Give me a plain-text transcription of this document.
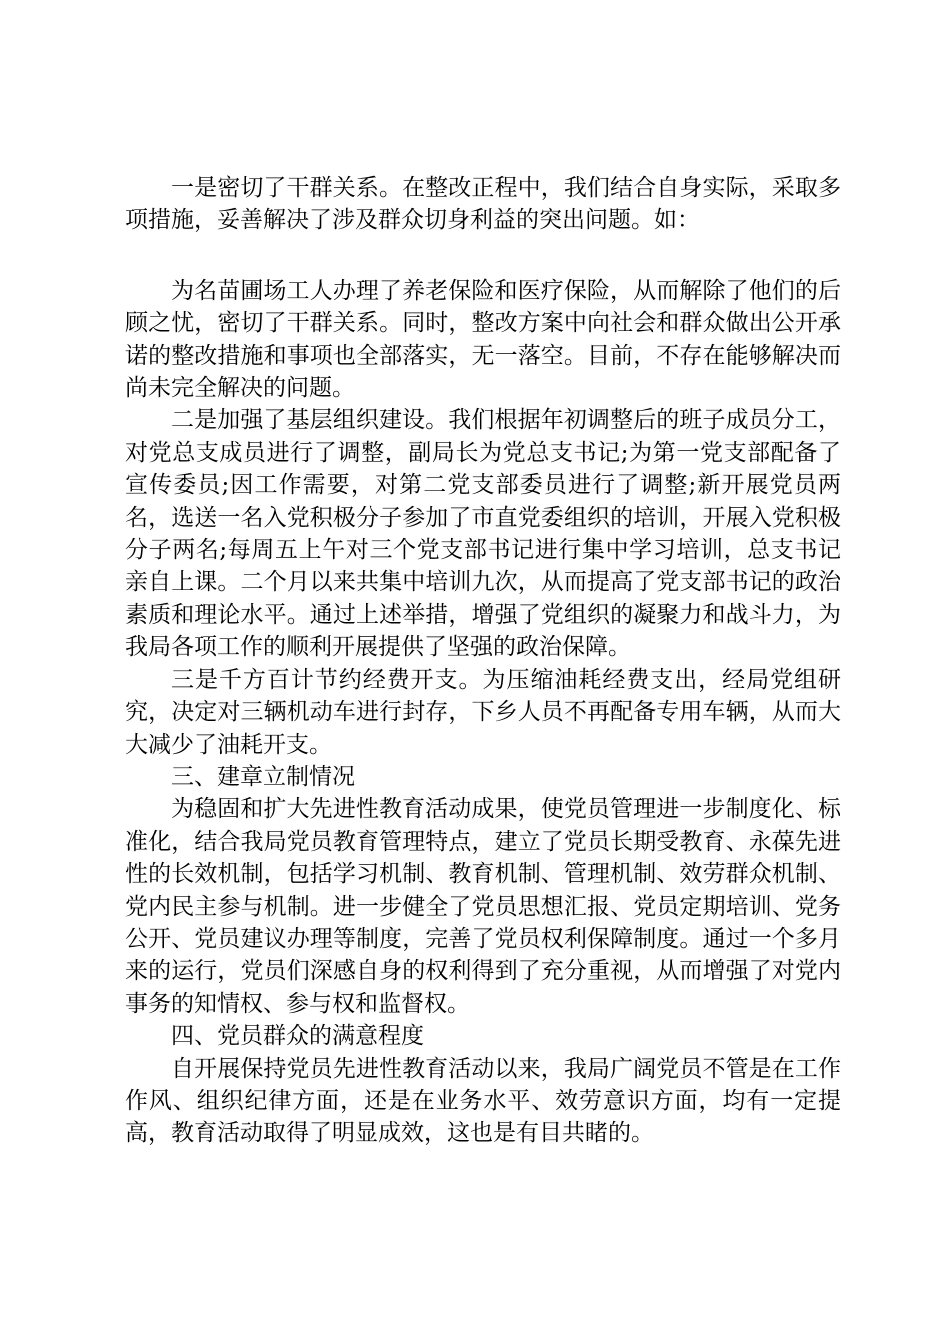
一是密切了干群关系。在整改正程中，我们结合自身实际，采取多项措施，妥善解决了涉及群众切身利益的突出问题。如：

为名苗圃场工人办理了养老保险和医疗保险，从而解除了他们的后顾之忧，密切了干群关系。同时，整改方案中向社会和群众做出公开承诺的整改措施和事项也全部落实，无一落空。目前，不存在能够解决而尚未完全解决的问题。

二是加强了基层组织建设。我们根据年初调整后的班子成员分工，对党总支成员进行了调整，副局长为党总支书记;为第一党支部配备了宣传委员;因工作需要，对第二党支部委员进行了调整;新开展党员两名，选送一名入党积极分子参加了市直党委组织的培训，开展入党积极分子两名;每周五上午对三个党支部书记进行集中学习培训，总支书记亲自上课。二个月以来共集中培训九次，从而提高了党支部书记的政治素质和理论水平。通过上述举措，增强了党组织的凝聚力和战斗力，为我局各项工作的顺利开展提供了坚强的政治保障。

三是千方百计节约经费开支。为压缩油耗经费支出，经局党组研究，决定对三辆机动车进行封存，下乡人员不再配备专用车辆，从而大大减少了油耗开支。

三、建章立制情况

为稳固和扩大先进性教育活动成果，使党员管理进一步制度化、标准化，结合我局党员教育管理特点，建立了党员长期受教育、永葆先进性的长效机制，包括学习机制、教育机制、管理机制、效劳群众机制、党内民主参与机制。进一步健全了党员思想汇报、党员定期培训、党务公开、党员建议办理等制度，完善了党员权利保障制度。通过一个多月来的运行，党员们深感自身的权利得到了充分重视，从而增强了对党内事务的知情权、参与权和监督权。

四、党员群众的满意程度

自开展保持党员先进性教育活动以来，我局广阔党员不管是在工作作风、组织纪律方面，还是在业务水平、效劳意识方面，均有一定提高，教育活动取得了明显成效，这也是有目共睹的。
